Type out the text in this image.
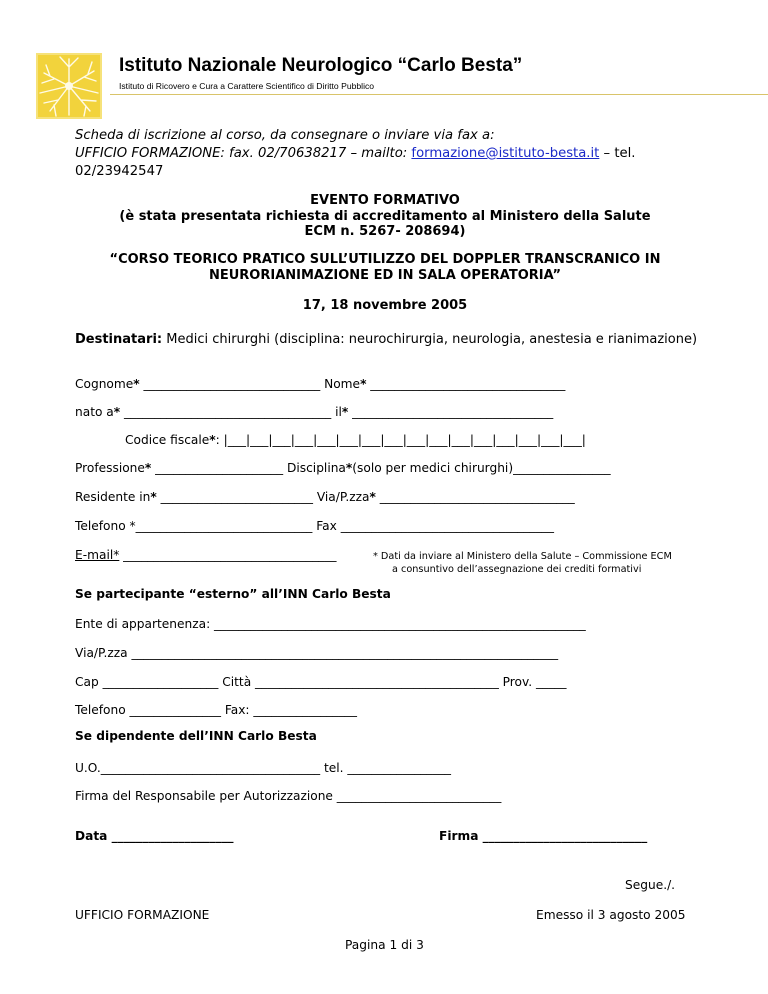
Istituto Nazionale Neurologico “Carlo Besta”
Istituto di Ricovero e Cura a Carattere Scientifico di Diritto Pubblico
Scheda di iscrizione al corso, da consegnare o inviare via fax a:
UFFICIO FORMAZIONE: fax. 02/70638217 – mailto: formazione@istituto-besta.it – tel.
02/23942547
EVENTO FORMATIVO
(è stata presentata richiesta di accreditamento al Ministero della Salute
ECM n. 5267- 208694)
“CORSO TEORICO PRATICO SULL’UTILIZZO DEL DOPPLER TRANSCRANICO IN
NEURORIANIMAZIONE ED IN SALA OPERATORIA”
17, 18 novembre 2005
Destinatari: Medici chirurghi (disciplina: neurochirurgia, neurologia, anestesia e rianimazione)
Cognome* _____________________________ Nome* ________________________________
nato a* __________________________________ il* _________________________________
Codice fiscale*: |___|___|___|___|___|___|___|___|___|___|___|___|___|___|___|___|
Professione* _____________________ Disciplina*(solo per medici chirurghi)________________
Residente in* _________________________ Via/P.zza* ________________________________
Telefono *_____________________________ Fax ___________________________________
E-mail* ___________________________________	* Dati da inviare al Ministero della Salute – Commissione ECM
a consuntivo dell’assegnazione dei crediti formativi
Se partecipante “esterno” all’INN Carlo Besta
Ente di appartenenza: _____________________________________________________________
Via/P.zza ______________________________________________________________________
Cap ___________________ Città ________________________________________ Prov. _____
Telefono _______________ Fax: _________________
Se dipendente dell’INN Carlo Besta
U.O.____________________________________ tel. _________________
Firma del Responsabile per Autorizzazione ___________________________
Data ____________________	Firma ___________________________
Segue./.
UFFICIO FORMAZIONE	Emesso il 3 agosto 2005
Pagina 1 di 3
